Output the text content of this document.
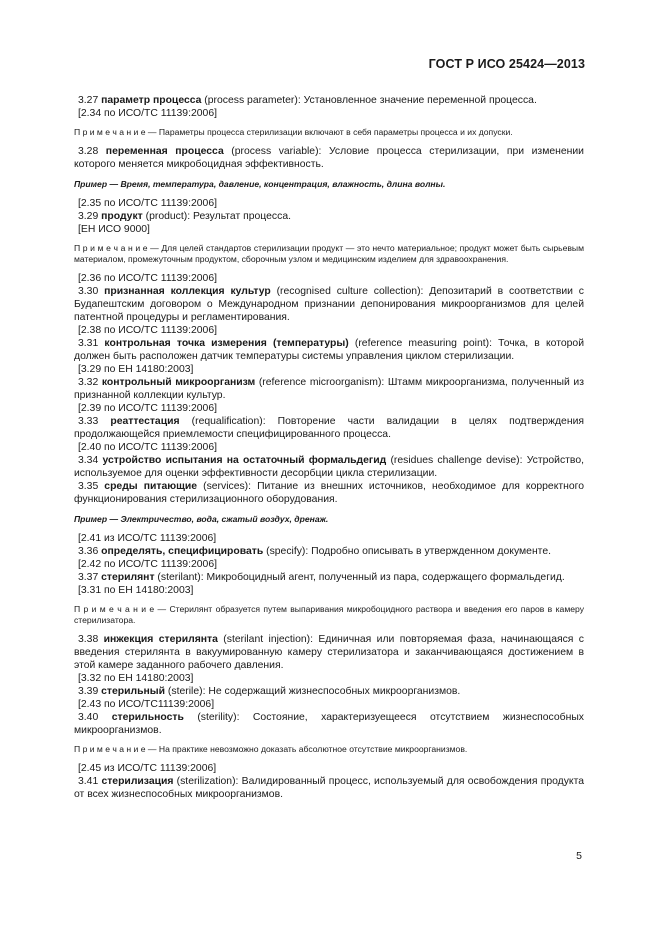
ГОСТ Р ИСО 25424—2013

3.27 параметр процесса (process parameter): Установленное значение переменной процесса.

[2.34 по ИСО/ТС 11139:2006]

П р и м е ч а н и е — Параметры процесса стерилизации включают в себя параметры процесса и их допуски.

3.28 переменная процесса (process variable): Условие процесса стерилизации, при изменении которого меняется микробоцидная эффективность.

Пример — Время, температура, давление, концентрация, влажность, длина волны.

[2.35 по ИСО/ТС 11139:2006]

3.29 продукт (product): Результат процесса.

[ЕН ИСО 9000]

П р и м е ч а н и е — Для целей стандартов стерилизации продукт — это нечто материальное; продукт может быть сырьевым материалом, промежуточным продуктом, сборочным узлом и медицинским изделием для здравоохранения.

[2.36 по ИСО/ТС 11139:2006]

3.30 признанная коллекция культур (recognised culture collection): Депозитарий в соответствии с Будапештским договором о Международном признании депонирования микроорганизмов для целей патентной процедуры и регламентирования.

[2.38 по ИСО/ТС 11139:2006]

3.31 контрольная точка измерения (температуры) (reference measuring point): Точка, в которой должен быть расположен датчик температуры системы управления циклом стерилизации.

[3.29 по ЕН 14180:2003]

3.32 контрольный микроорганизм (reference microorganism): Штамм микроорганизма, полученный из признанной коллекции культур.

[2.39 по ИСО/ТС 11139:2006]

3.33 реаттестация (requalification): Повторение части валидации в целях подтверждения продолжающейся приемлемости специфицированного процесса.

[2.40 по ИСО/ТС 11139:2006]

3.34 устройство испытания на остаточный формальдегид (residues challenge devise): Устройство, используемое для оценки эффективности десорбции цикла стерилизации.

3.35 среды питающие (services): Питание из внешних источников, необходимое для корректного функционирования стерилизационного оборудования.

Пример — Электричество, вода, сжатый воздух, дренаж.

[2.41 из ИСО/ТС 11139:2006]

3.36 определять, специфицировать (specify): Подробно описывать в утвержденном документе.

[2.42 по ИСО/ТС 11139:2006]

3.37 стерилянт (sterilant): Микробоцидный агент, полученный из пара, содержащего формальдегид.

[3.31 по ЕН 14180:2003]

П р и м е ч а н и е — Стерилянт образуется путем выпаривания микробоцидного раствора и введения его паров в камеру стерилизатора.

3.38 инжекция стерилянта (sterilant injection): Единичная или повторяемая фаза, начинающаяся с введения стерилянта в вакуумированную камеру стерилизатора и заканчивающаяся достижением в этой камере заданного рабочего давления.

[3.32 по ЕН 14180:2003]

3.39 стерильный (sterile): Не содержащий жизнеспособных микроорганизмов.

[2.43 по ИСО/ТС11139:2006]

3.40 стерильность (sterility): Состояние, характеризуещееся отсутствием жизнеспособных микроорганизмов.

П р и м е ч а н и е — На практике невозможно доказать абсолютное отсутствие микроорганизмов.

[2.45 из ИСО/ТС 11139:2006]

3.41 стерилизация (sterilization): Валидированный процесс, используемый для освобождения продукта от всех жизнеспособных микроорганизмов.

5
